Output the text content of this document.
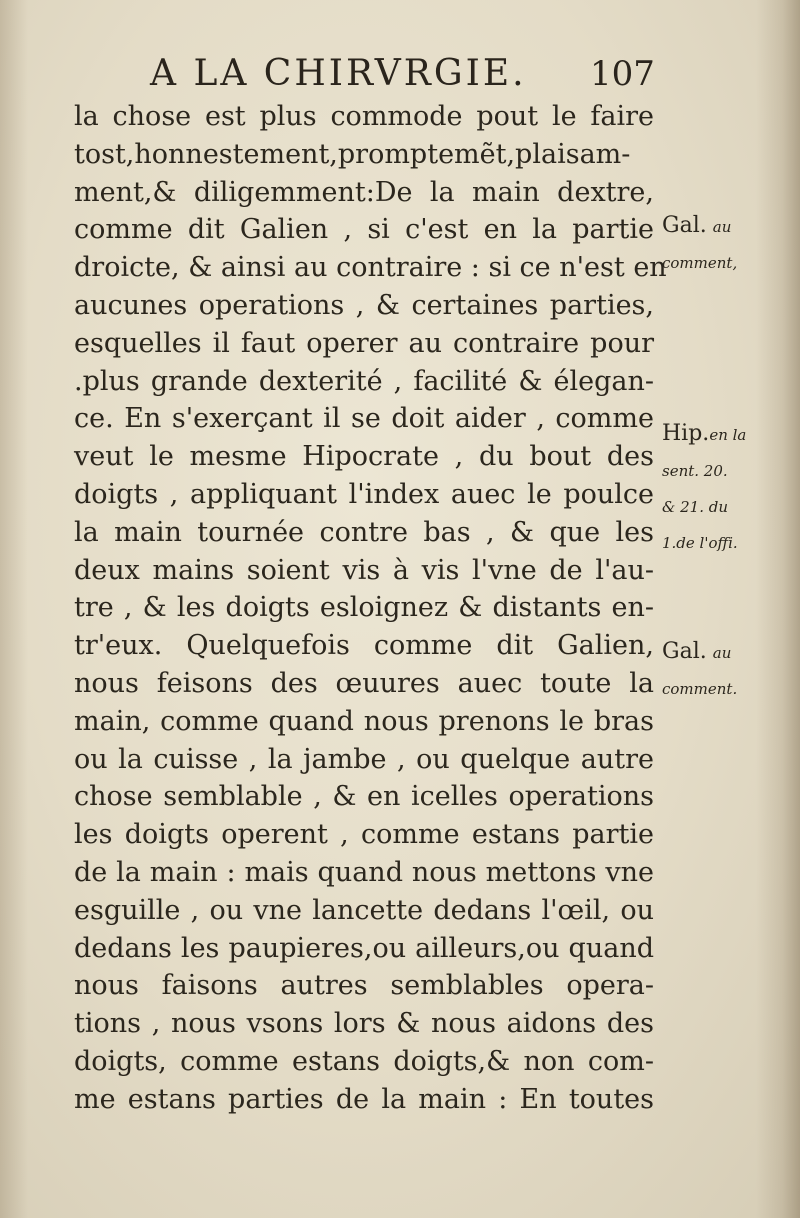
A LA CHIRVRGIE. 107
la chose est plus commode pout le faire
tost,honnestement,promptemẽt,plaisam-
ment,& diligemment:De la main dextre,
comme dit Galien , si c'est en la partie
droicte, & ainsi au contraire : si ce n'est en
aucunes operations , & certaines parties,
esquelles il faut operer au contraire pour
.plus grande dexterité , facilité & élegan-
ce. En s'exerçant il se doit aider , comme
veut le mesme Hipocrate , du bout des
doigts , appliquant l'index auec le poulce
la main tournée contre bas , & que les
deux mains soient vis à vis l'vne de l'au-
tre , & les doigts esloignez & distants en-
tr'eux. Quelquefois comme dit Galien,
nous feisons des œuures auec toute la
main, comme quand nous prenons le bras
ou la cuisse , la jambe , ou quelque autre
chose semblable , & en icelles operations
les doigts operent , comme estans partie
de la main : mais quand nous mettons vne
esguille , ou vne lancette dedans l'œil, ou
dedans les paupieres,ou ailleurs,ou quand
nous faisons autres semblables opera-
tions , nous vsons lors & nous aidons des
doigts, comme estans doigts,& non com-
me estans parties de la main : En toutes
Gal. au
comment,
Hip.en la
sent. 20.
& 21. du
1.de l'offi.
Gal. au
comment.
